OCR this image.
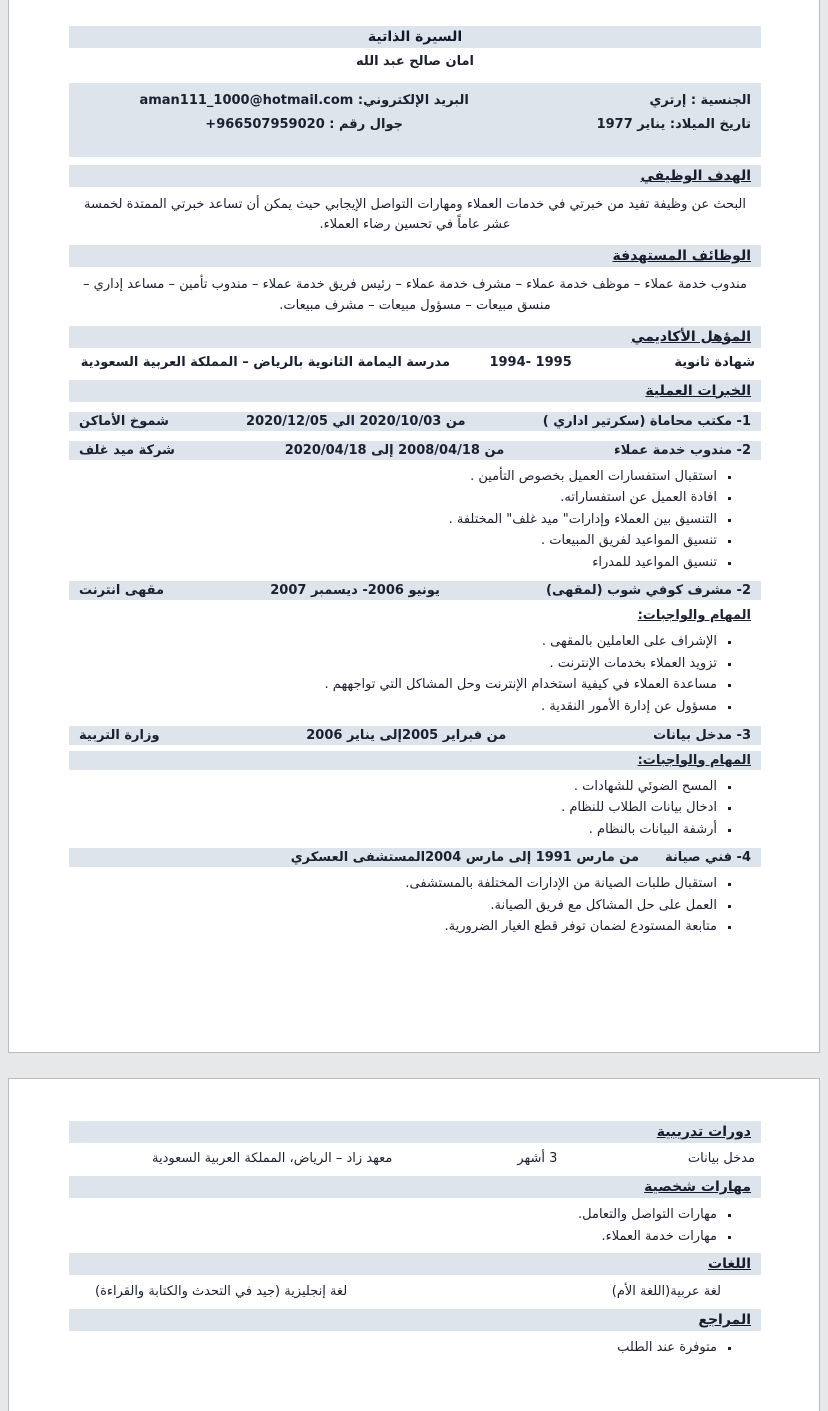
السيرة الذاتية
امان صالح عبد الله
الجنسية : إرتري
تاريخ الميلاد: يناير 1977
البريد الإلكتروني: aman111_1000@hotmail.com
جوال رقم : +966507959020
الهدف الوظيفي

البحث عن وظيفة تفيد من خبرتي في خدمات العملاء ومهارات التواصل الإيجابي حيث يمكن أن تساعد خبرتي الممتدة لخمسة عشر عاماً في تحسين رضاء العملاء.

الوظائف المستهدفة

مندوب خدمة عملاء – موظف خدمة عملاء – مشرف خدمة عملاء – رئيس فريق خدمة عملاء – مندوب تأمين – مساعد إداري – منسق مبيعات – مسؤول مبيعات – مشرف مبيعات.

المؤهل الأكاديمي
شهادة ثانوية
1994- 1995
مدرسة اليمامة الثانوية بالرياض – المملكة العربية السعودية
الخبرات العملية
1- مكتب محاماة (سكرتير اداري )
من 2020/10/03 الي 2020/12/05
شموخ الأماكن
2- مندوب خدمة عملاء
من 2008/04/18 إلى 2020/04/18
شركة ميد غلف
▪ استقبال استفسارات العميل بخصوص التأمين .
▪ افادة العميل عن استفساراته.
▪ التنسيق بين العملاء وإدارات" ميد غلف" المختلفة .
▪ تنسيق المواعيد لفريق المبيعات .
▪ تنسيق المواعيد للمدراء
2- مشرف كوفي شوب (لمقهى)
يونيو 2006- ديسمبر 2007
مقهى انترنت
المهام والواجبات:
▪ الإشراف على العاملين بالمقهى .
▪ تزويد العملاء بخدمات الإنترنت .
▪ مساعدة العملاء في كيفية استخدام الإنترنت وحل المشاكل التي تواجههم .
▪ مسؤول عن إدارة الأمور النقدية .
3- مدخل بيانات
من فبراير 2005إلى يناير 2006
وزارة التربية
المهام والواجبات:
▪ المسح الضوئي للشهادات .
▪ ادخال بيانات الطلاب للنظام .
▪ أرشفة البيانات بالنظام .
4- فني صيانة
من مارس 1991 إلى مارس 2004
المستشفى العسكري
▪ استقبال طلبات الصيانة من الإدارات المختلفة بالمستشفى.
▪ العمل على حل المشاكل مع فريق الصيانة.
▪ متابعة المستودع لضمان توفر قطع الغيار الضرورية.
دورات تدريبية
مدخل بيانات
3 أشهر
معهد زاد – الرياض، المملكة العربية السعودية
مهارات شخصية
▪ مهارات التواصل والتعامل.
▪ مهارات خدمة العملاء.
اللغات
لغة عربية(اللغة الأم)
لغة إنجليزية (جيد في التحدث والكتابة والقراءة)
المراجع
▪ متوفرة عند الطلب
